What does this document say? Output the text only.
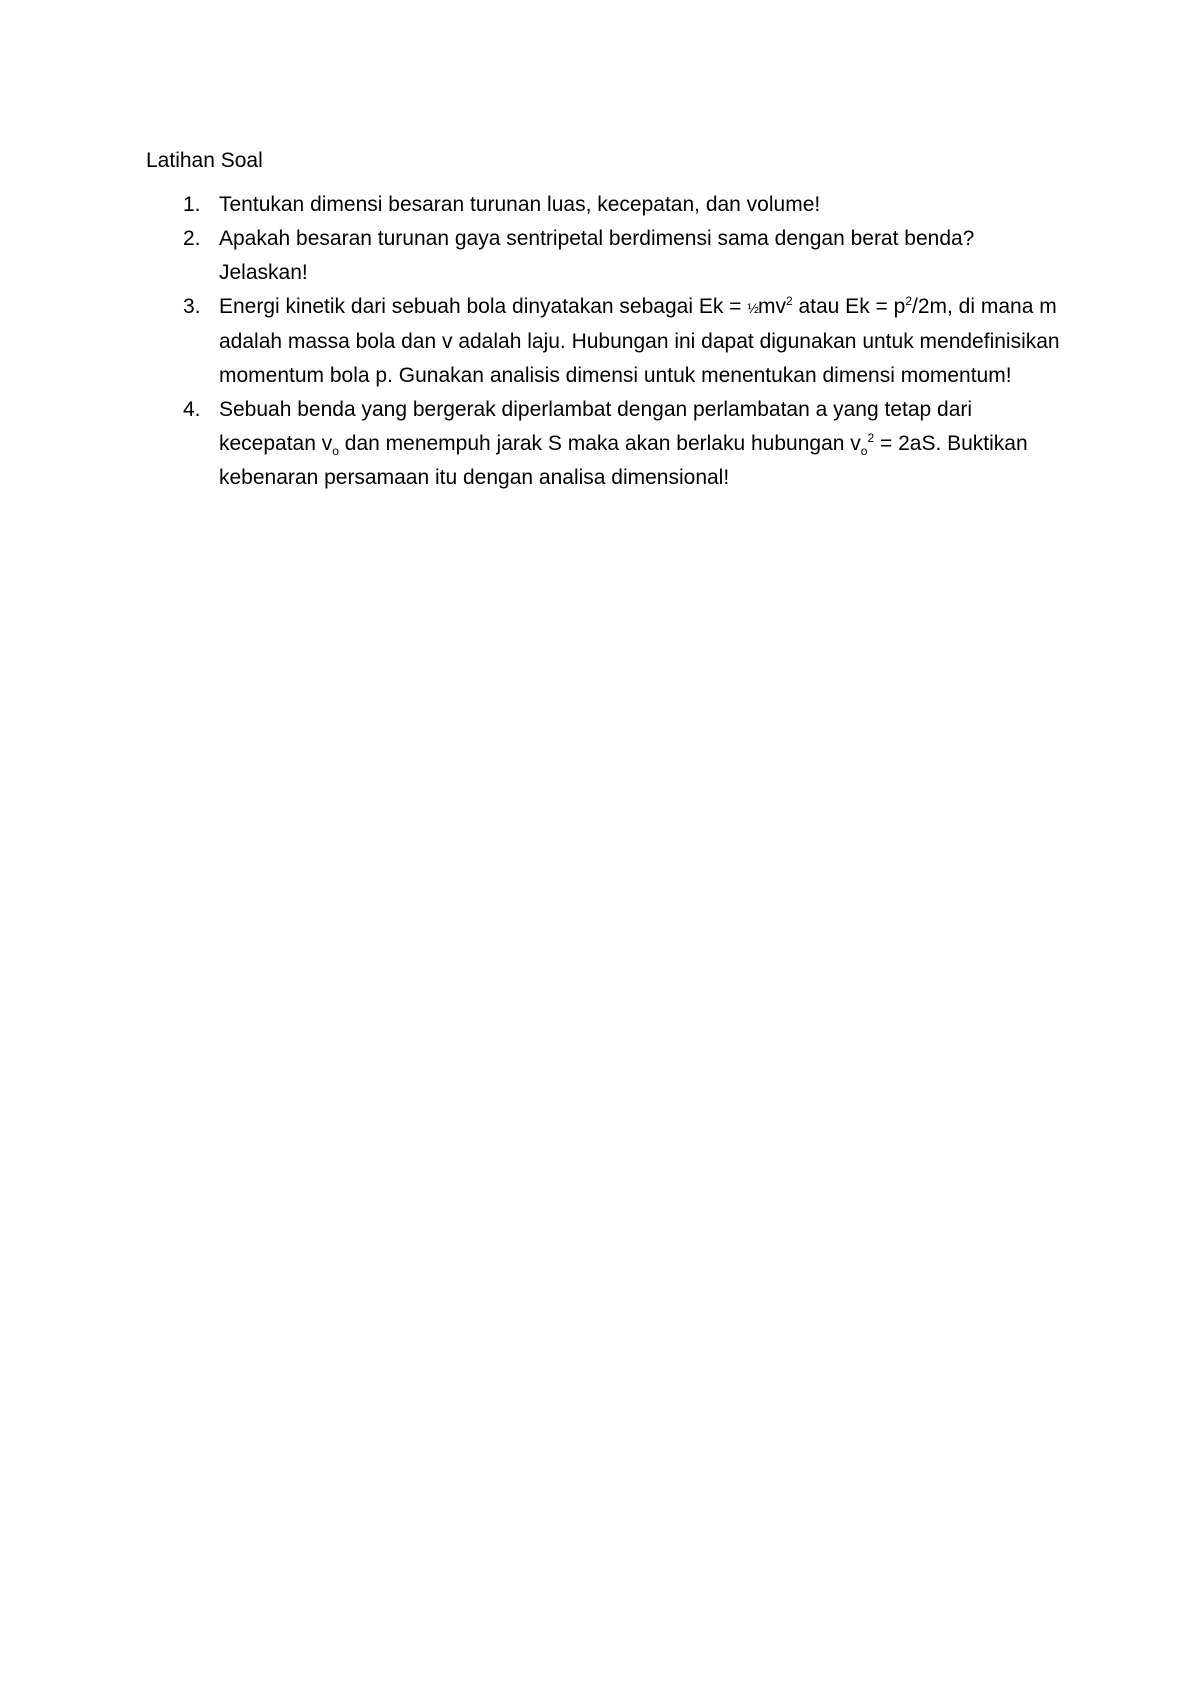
Latihan Soal
1. Tentukan dimensi besaran turunan luas, kecepatan, dan volume!
2. Apakah besaran turunan gaya sentripetal berdimensi sama dengan berat benda? Jelaskan!
3. Energi kinetik dari sebuah bola dinyatakan sebagai $Ek = \frac{1}{2}mv^2$ atau $Ek = p^2/2m$, di mana m adalah massa bola dan v adalah laju. Hubungan ini dapat digunakan untuk mendefinisikan momentum bola p. Gunakan analisis dimensi untuk menentukan dimensi momentum!
4. Sebuah benda yang bergerak diperlambat dengan perlambatan a yang tetap dari kecepatan $v_o$ dan menempuh jarak S maka akan berlaku hubungan $v_o^2 = 2aS$. Buktikan kebenaran persamaan itu dengan analisa dimensional!
